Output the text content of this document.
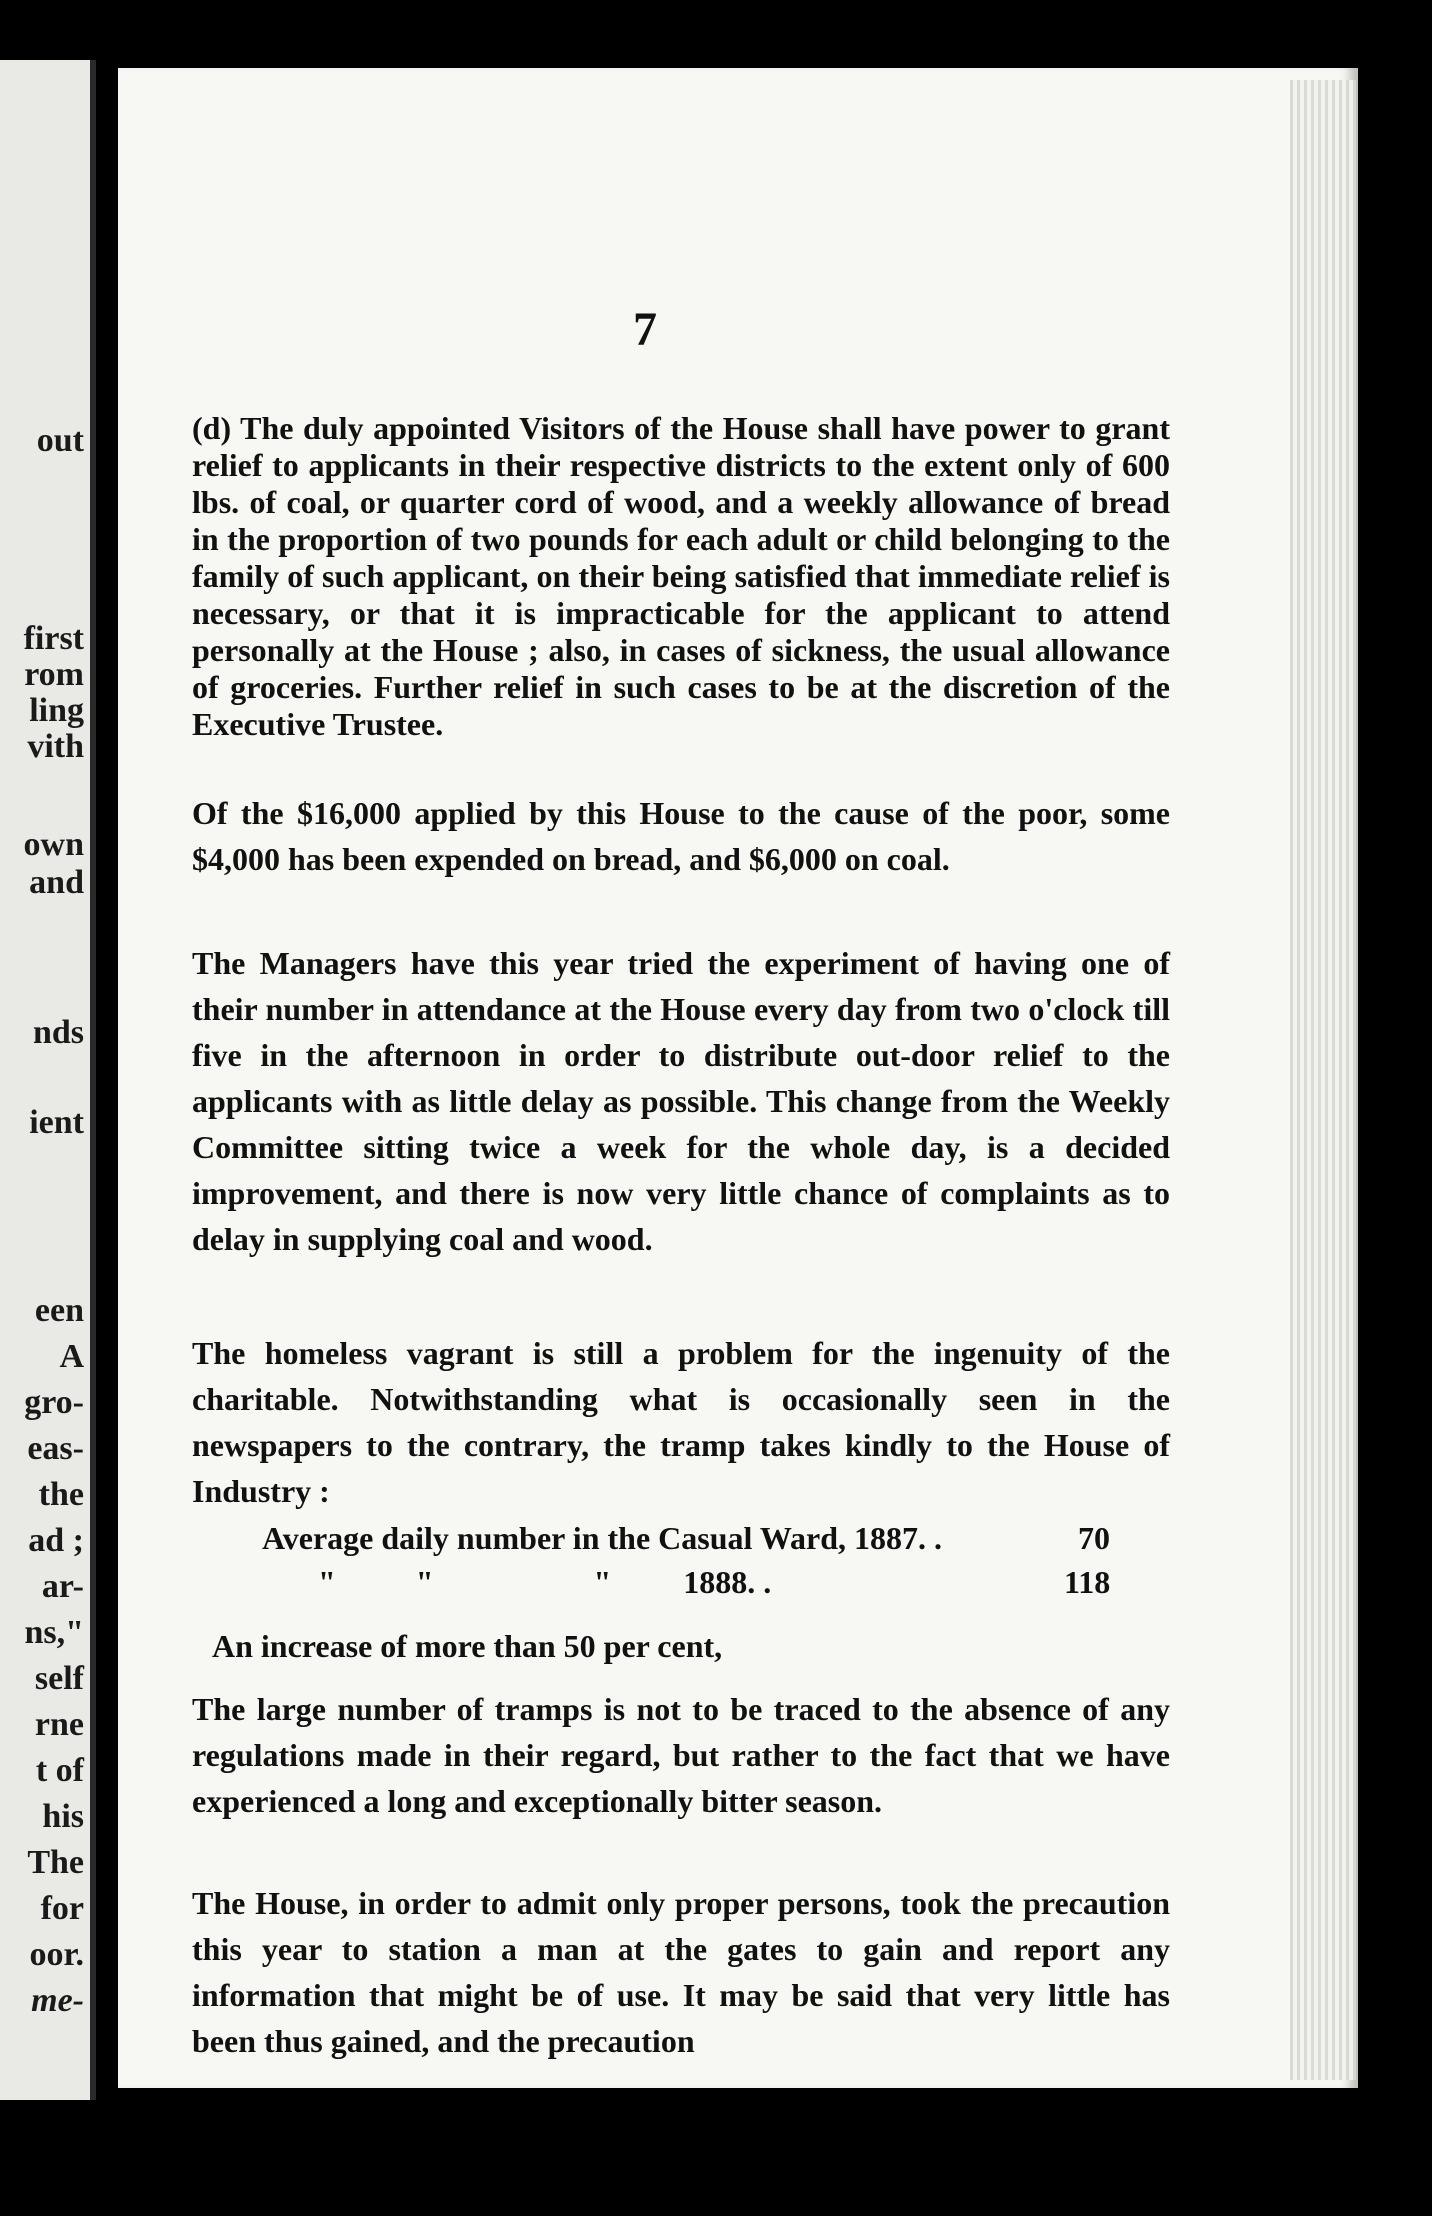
out
first
rom
ling
vith
own
and
nds
ient
een
A
gro-
eas-
the
ad ;
ar-
ns,"
self
rne
t of
his
The
for
oor.
me-
7

(d) The duly appointed Visitors of the House shall have power to grant relief to applicants in their respective districts to the extent only of 600 lbs. of coal, or quarter cord of wood, and a weekly allowance of bread in the proportion of two pounds for each adult or child belonging to the family of such applicant, on their being satisfied that immediate relief is necessary, or that it is impracticable for the applicant to attend personally at the House ; also, in cases of sickness, the usual allowance of groceries. Further relief in such cases to be at the discretion of the Executive Trustee.

Of the $16,000 applied by this House to the cause of the poor, some $4,000 has been expended on bread, and $6,000 on coal.

The Managers have this year tried the experiment of having one of their number in attendance at the House every day from two o'clock till five in the afternoon in order to distribute out-door relief to the applicants with as little delay as possible. This change from the Weekly Committee sitting twice a week for the whole day, is a decided improvement, and there is now very little chance of complaints as to delay in supplying coal and wood.

The homeless vagrant is still a problem for the ingenuity of the charitable. Notwithstanding what is occasionally seen in the newspapers to the contrary, the tramp takes kindly to the House of Industry :

Average daily number in the Casual Ward, 1887. .	70
"          "                    "         1888. .	118
An increase of more than 50 per cent,

The large number of tramps is not to be traced to the absence of any regulations made in their regard, but rather to the fact that we have experienced a long and exceptionally bitter season.

The House, in order to admit only proper persons, took the precaution this year to station a man at the gates to gain and report any information that might be of use. It may be said that very little has been thus gained, and the precaution
